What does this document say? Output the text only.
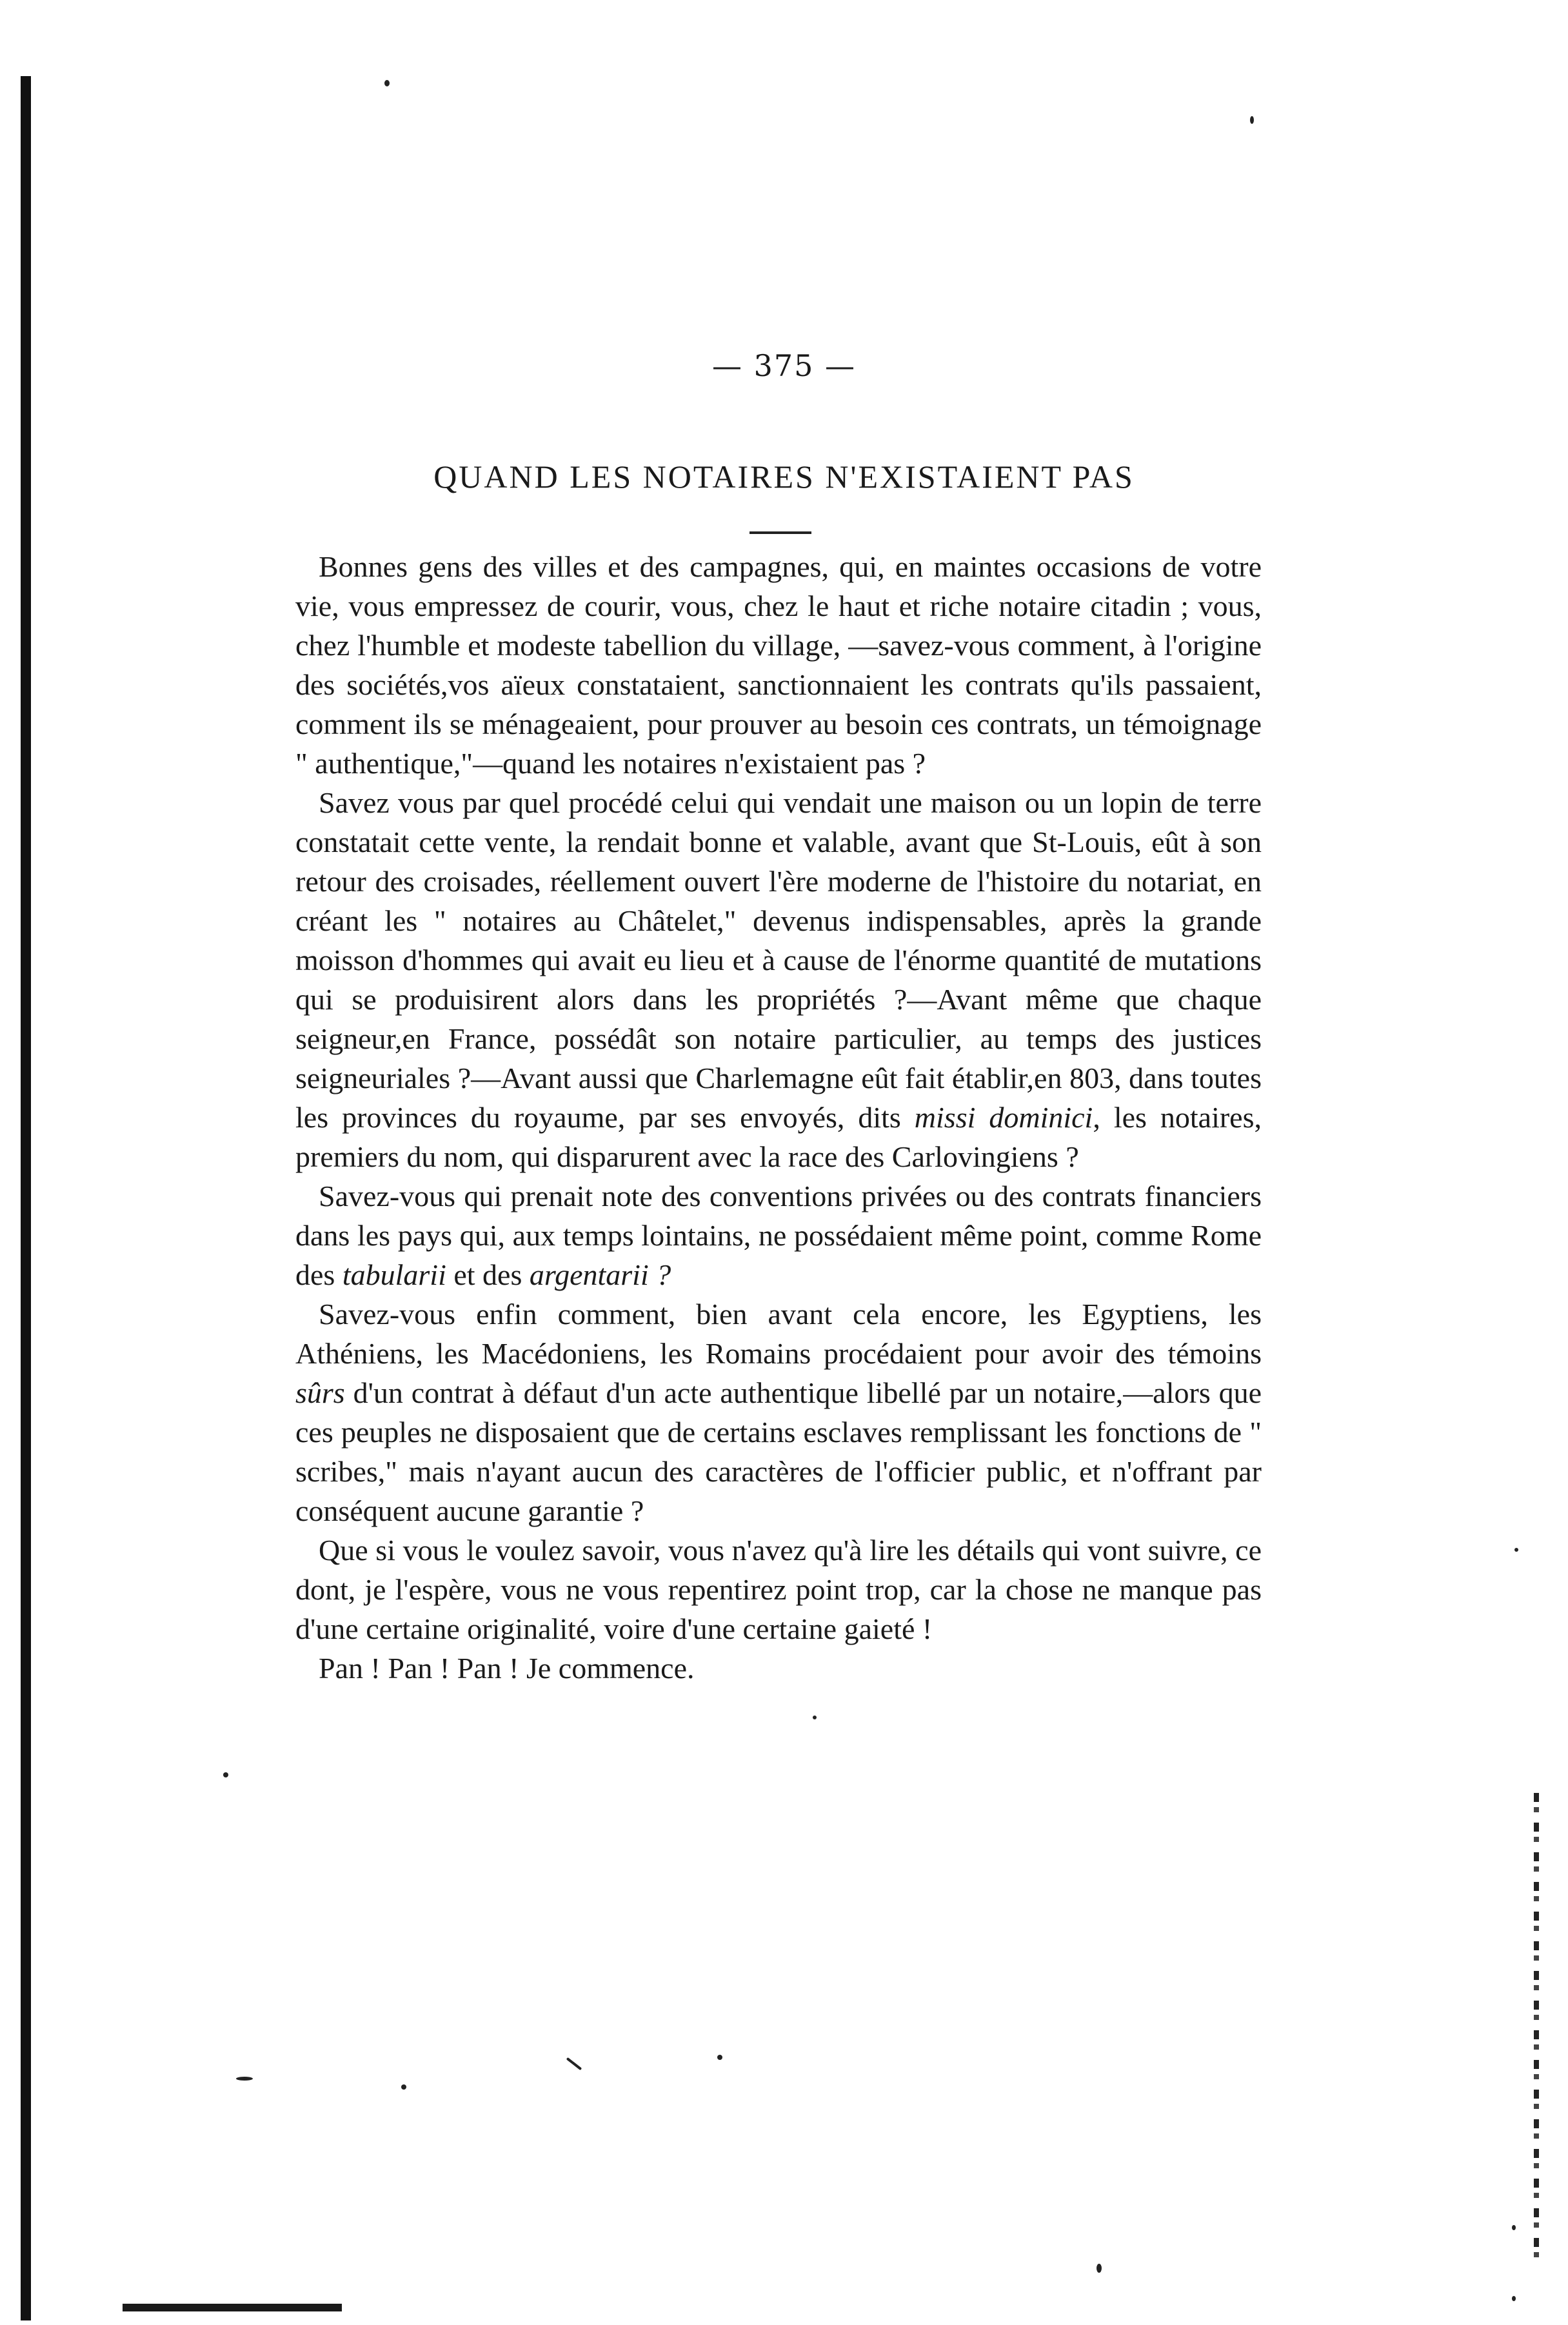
— 375 —
QUAND LES NOTAIRES N'EXISTAIENT PAS

Bonnes gens des villes et des campagnes, qui, en maintes occasions de votre vie, vous empressez de courir, vous, chez le haut et riche notaire citadin ; vous, chez l'humble et modeste tabellion du village, —savez-vous comment, à l'origine des sociétés,vos aïeux constataient, sanctionnaient les contrats qu'ils passaient, comment ils se ménageaient, pour prouver au besoin ces contrats, un témoignage " authentique,"—quand les notaires n'existaient pas ?

Savez vous par quel procédé celui qui vendait une maison ou un lopin de terre constatait cette vente, la rendait bonne et valable, avant que St-Louis, eût à son retour des croisades, réellement ouvert l'ère moderne de l'histoire du notariat, en créant les " notaires au Châtelet," devenus indispensables, après la grande moisson d'hommes qui avait eu lieu et à cause de l'énorme quantité de mutations qui se produisirent alors dans les propriétés ?—Avant même que chaque seigneur,en France, possédât son notaire particulier, au temps des justices seigneuriales ?—Avant aussi que Charlemagne eût fait établir,en 803, dans toutes les provinces du royaume, par ses envoyés, dits missi dominici, les notaires, premiers du nom, qui disparurent avec la race des Carlovingiens ?

Savez-vous qui prenait note des conventions privées ou des contrats financiers dans les pays qui, aux temps lointains, ne possédaient même point, comme Rome des tabularii et des argentarii ?

Savez-vous enfin comment, bien avant cela encore, les Egyptiens, les Athéniens, les Macédoniens, les Romains procédaient pour avoir des témoins sûrs d'un contrat à défaut d'un acte authentique libellé par un notaire,—alors que ces peuples ne disposaient que de certains esclaves remplissant les fonctions de " scribes," mais n'ayant aucun des caractères de l'officier public, et n'offrant par conséquent aucune garantie ?

Que si vous le voulez savoir, vous n'avez qu'à lire les détails qui vont suivre, ce dont, je l'espère, vous ne vous repentirez point trop, car la chose ne manque pas d'une certaine originalité, voire d'une certaine gaieté !

Pan ! Pan ! Pan ! Je commence.
